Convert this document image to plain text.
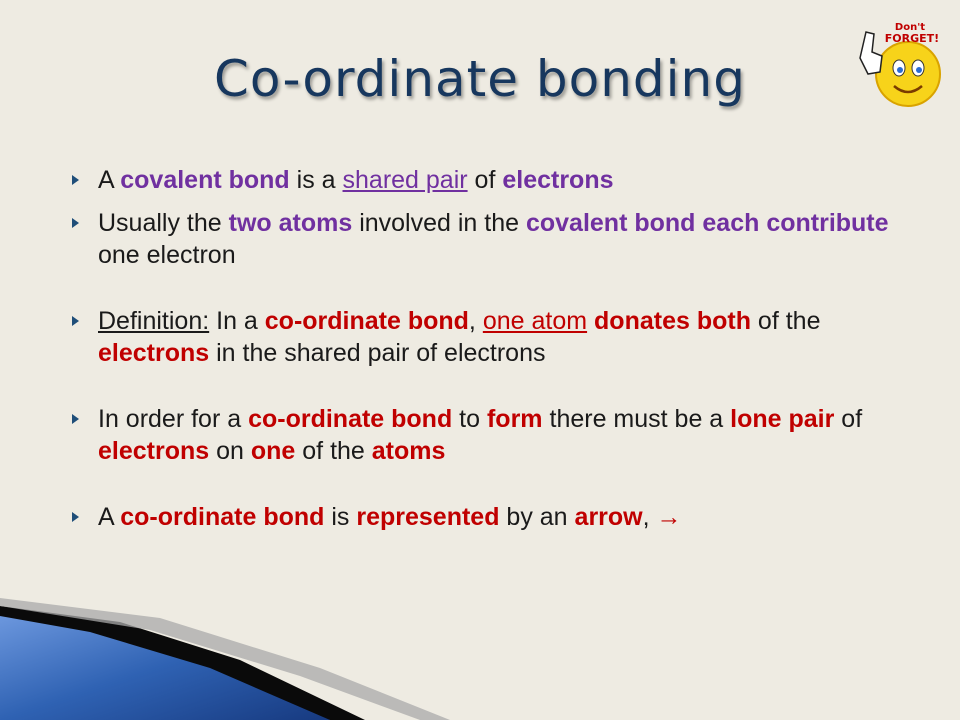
Co-ordinate bonding
Don't
FORGET!
A covalent bond is a shared pair of electrons
Usually the two atoms involved in the covalent bond each contribute one electron
Definition: In a co-ordinate bond, one atom donates both of the electrons in the shared pair of electrons
In order for a co-ordinate bond to form there must be a lone pair of electrons on one of the atoms
A co-ordinate bond is represented by an arrow, →
